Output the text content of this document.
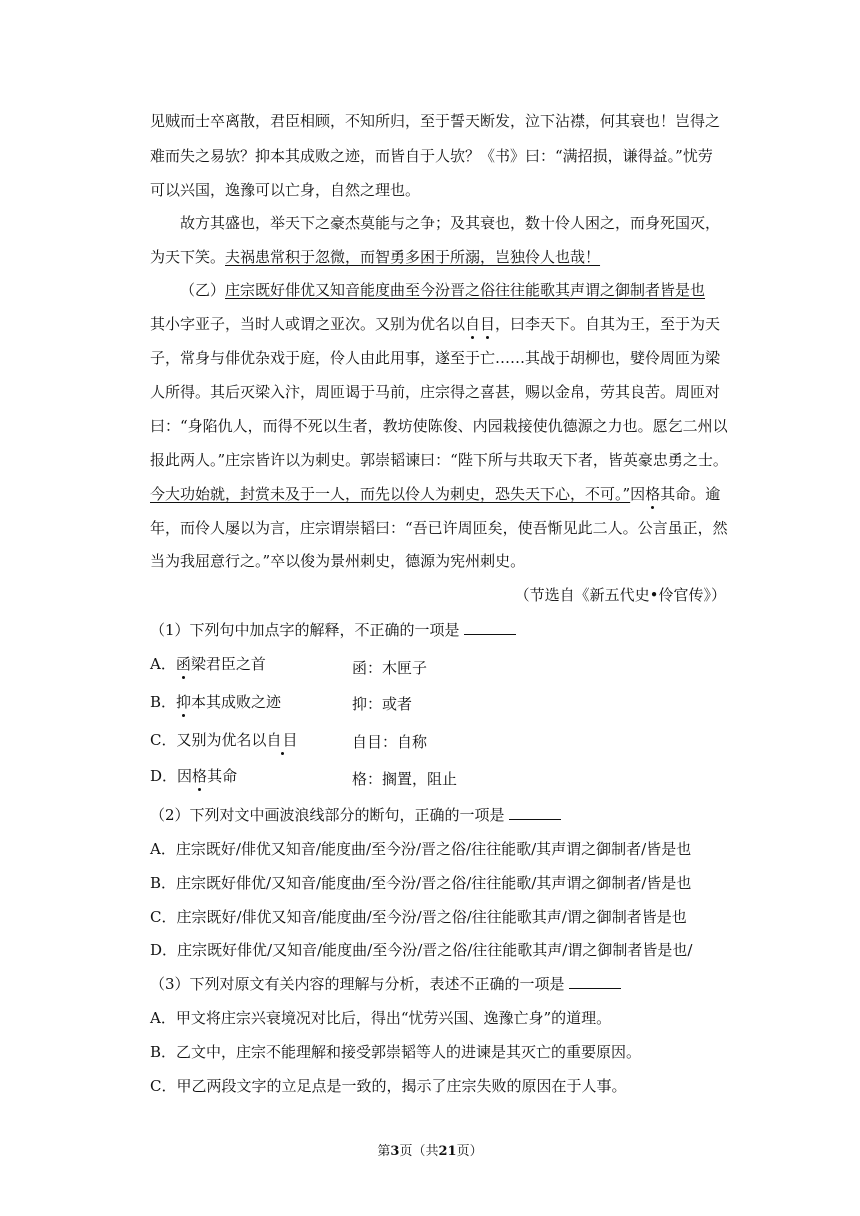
见贼而士卒离散，君臣相顾，不知所归，至于誓天断发，泣下沾襟，何其衰也！岂得之
难而失之易欤？抑本其成败之迹，而皆自于人欤？《书》曰：“满招损，谦得益。”忧劳
可以兴国，逸豫可以亡身，自然之理也。
故方其盛也，举天下之豪杰莫能与之争；及其衰也，数十伶人困之，而身死国灭，
为天下笑。夫祸患常积于忽微，而智勇多困于所溺，岂独伶人也哉！
（乙）庄宗既好俳优又知音能度曲至今汾晋之俗往往能歌其声谓之御制者皆是也
其小字亚子，当时人或谓之亚次。又别为优名以自目，曰李天下。自其为王，至于为天
子，常身与俳优杂戏于庭，伶人由此用事，遂至于亡……其战于胡柳也，嬖伶周匝为梁
人所得。其后灭梁入汴，周匝谒于马前，庄宗得之喜甚，赐以金帛，劳其良苦。周匝对
曰：“身陷仇人，而得不死以生者，教坊使陈俊、内园栽接使仇德源之力也。愿乞二州以
报此两人。”庄宗皆许以为刺史。郭崇韬谏曰：“陛下所与共取天下者，皆英豪忠勇之士。
今大功始就，封赏未及于一人，而先以伶人为刺史，恐失天下心，不可。”因格其命。逾
年，而伶人屡以为言，庄宗谓崇韬曰：“吾已许周匝矣，使吾惭见此二人。公言虽正，然
当为我屈意行之。”卒以俊为景州刺史，德源为宪州刺史。
（节选自《新五代史•伶官传》）
（1）下列句中加点字的解释，不正确的一项是
A．函梁君臣之首	函：木匣子
B．抑本其成败之迹	抑：或者
C．又别为优名以自目	自目：自称
D．因格其命	格：搁置，阻止
（2）下列对文中画波浪线部分的断句，正确的一项是
A．庄宗既好/俳优又知音/能度曲/至今汾/晋之俗/往往能歌/其声谓之御制者/皆是也
B．庄宗既好俳优/又知音/能度曲/至今汾/晋之俗/往往能歌/其声谓之御制者/皆是也
C．庄宗既好/俳优又知音/能度曲/至今汾/晋之俗/往往能歌其声/谓之御制者皆是也
D．庄宗既好俳优/又知音/能度曲/至今汾/晋之俗/往往能歌其声/谓之御制者皆是也/
（3）下列对原文有关内容的理解与分析，表述不正确的一项是
A．甲文将庄宗兴衰境况对比后，得出“忧劳兴国、逸豫亡身”的道理。
B．乙文中，庄宗不能理解和接受郭崇韬等人的进谏是其灭亡的重要原因。
C．甲乙两段文字的立足点是一致的，揭示了庄宗失败的原因在于人事。
第3页（共21页）
